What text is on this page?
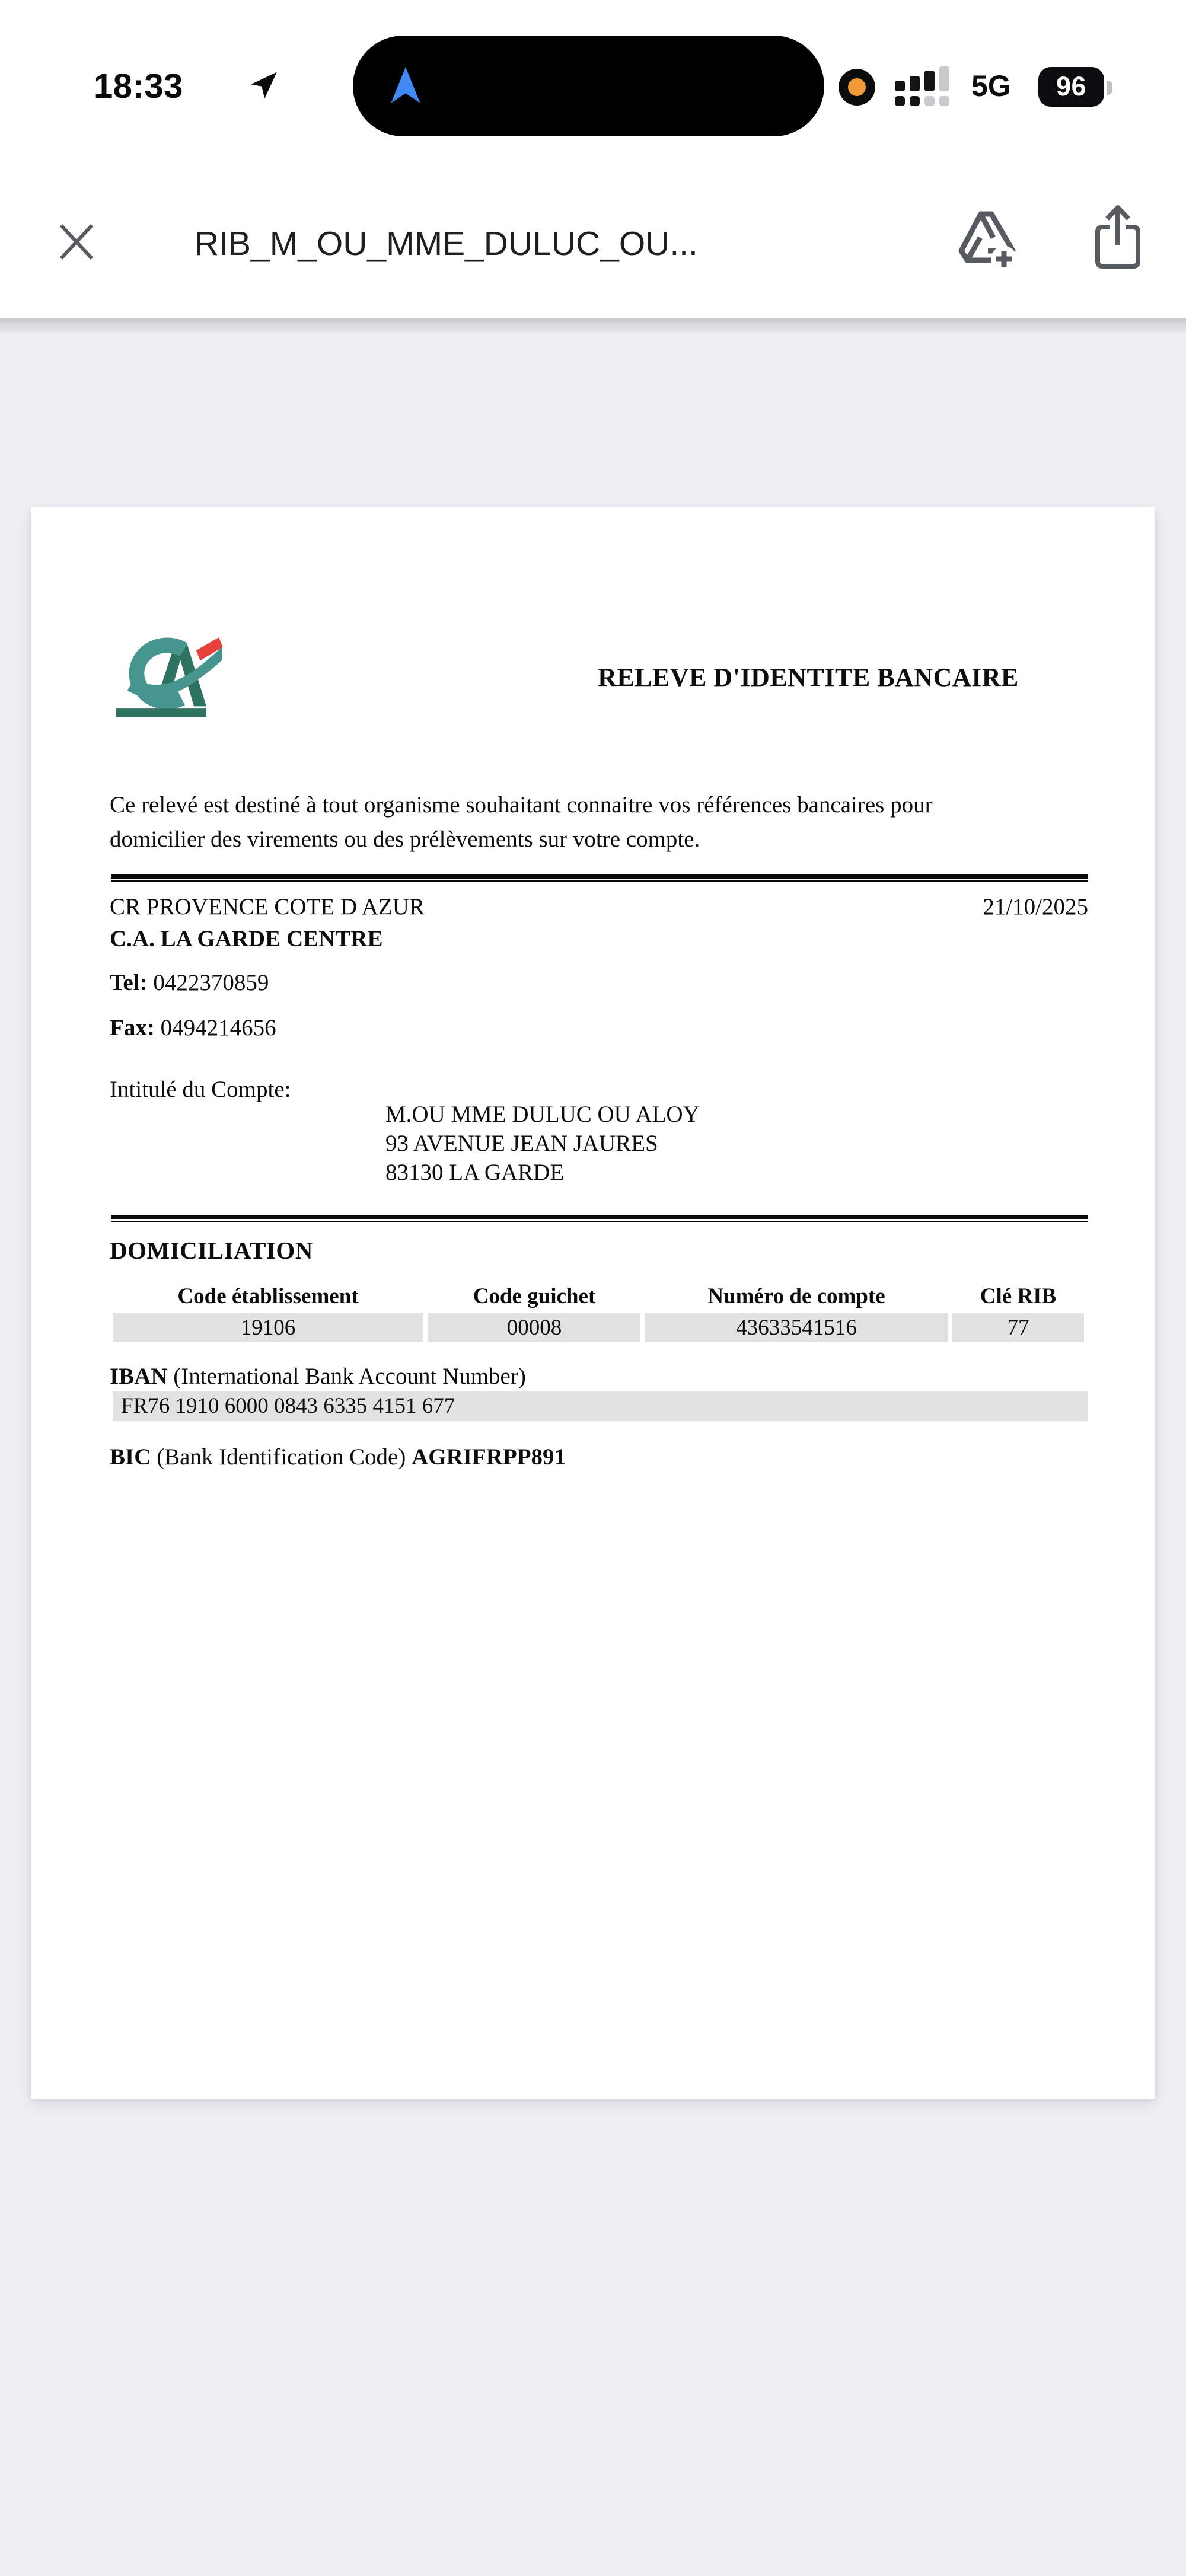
18:33	5G	96
RIB_M_OU_MME_DULUC_OU...
RELEVE D'IDENTITE BANCAIRE
Ce relevé est destiné à tout organisme souhaitant connaitre vos références bancaires pour
domicilier des virements ou des prélèvements sur votre compte.
CR PROVENCE COTE D AZUR	21/10/2025
C.A. LA GARDE CENTRE
Tel: 0422370859
Fax: 0494214656
Intitulé du Compte:
M.OU MME DULUC OU ALOY
93 AVENUE JEAN JAURES
83130 LA GARDE
DOMICILIATION
Code établissement	Code guichet	Numéro de compte	Clé RIB
19106	00008	43633541516	77
IBAN (International Bank Account Number)
FR76 1910 6000 0843 6335 4151 677
BIC (Bank Identification Code) AGRIFRPP891
